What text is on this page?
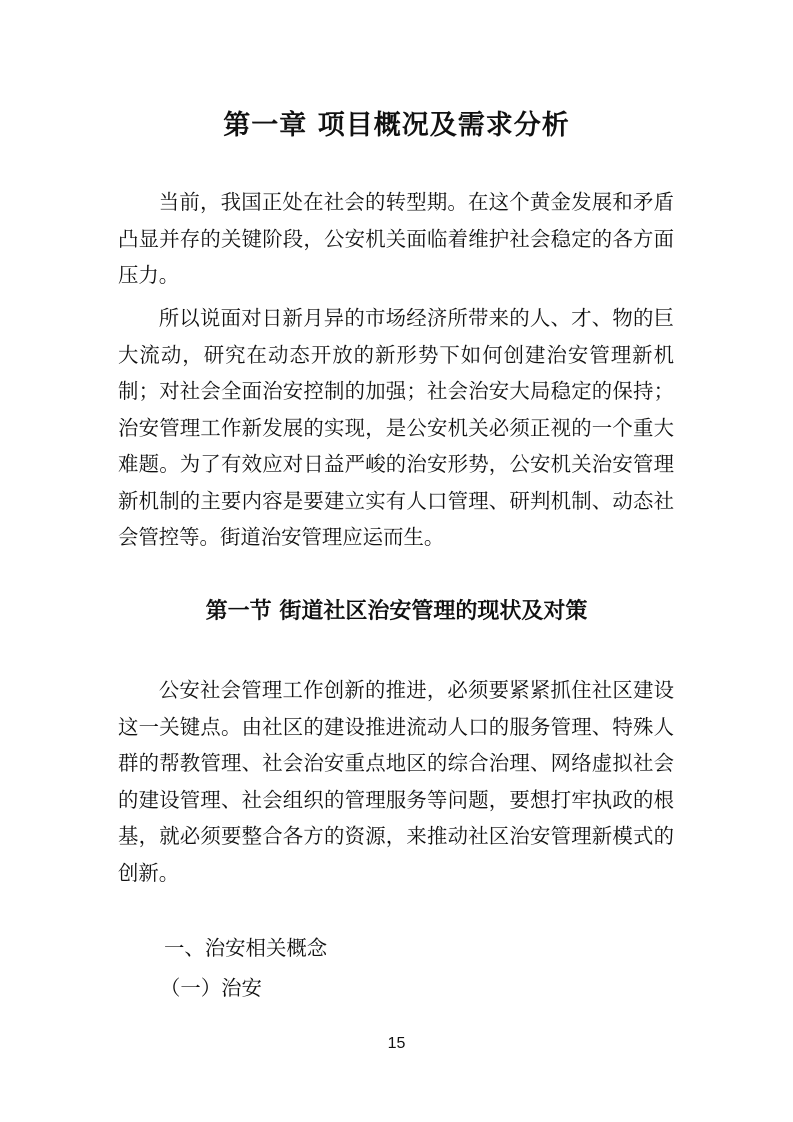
第一章 项目概况及需求分析

当前，我国正处在社会的转型期。在这个黄金发展和矛盾凸显并存的关键阶段，公安机关面临着维护社会稳定的各方面压力。

所以说面对日新月异的市场经济所带来的人、才、物的巨大流动，研究在动态开放的新形势下如何创建治安管理新机制；对社会全面治安控制的加强；社会治安大局稳定的保持；治安管理工作新发展的实现，是公安机关必须正视的一个重大难题。为了有效应对日益严峻的治安形势，公安机关治安管理新机制的主要内容是要建立实有人口管理、研判机制、动态社会管控等。街道治安管理应运而生。

第一节 街道社区治安管理的现状及对策

公安社会管理工作创新的推进，必须要紧紧抓住社区建设这一关键点。由社区的建设推进流动人口的服务管理、特殊人群的帮教管理、社会治安重点地区的综合治理、网络虚拟社会的建设管理、社会组织的管理服务等问题，要想打牢执政的根基，就必须要整合各方的资源，来推动社区治安管理新模式的创新。

一、治安相关概念
（一）治安
15
